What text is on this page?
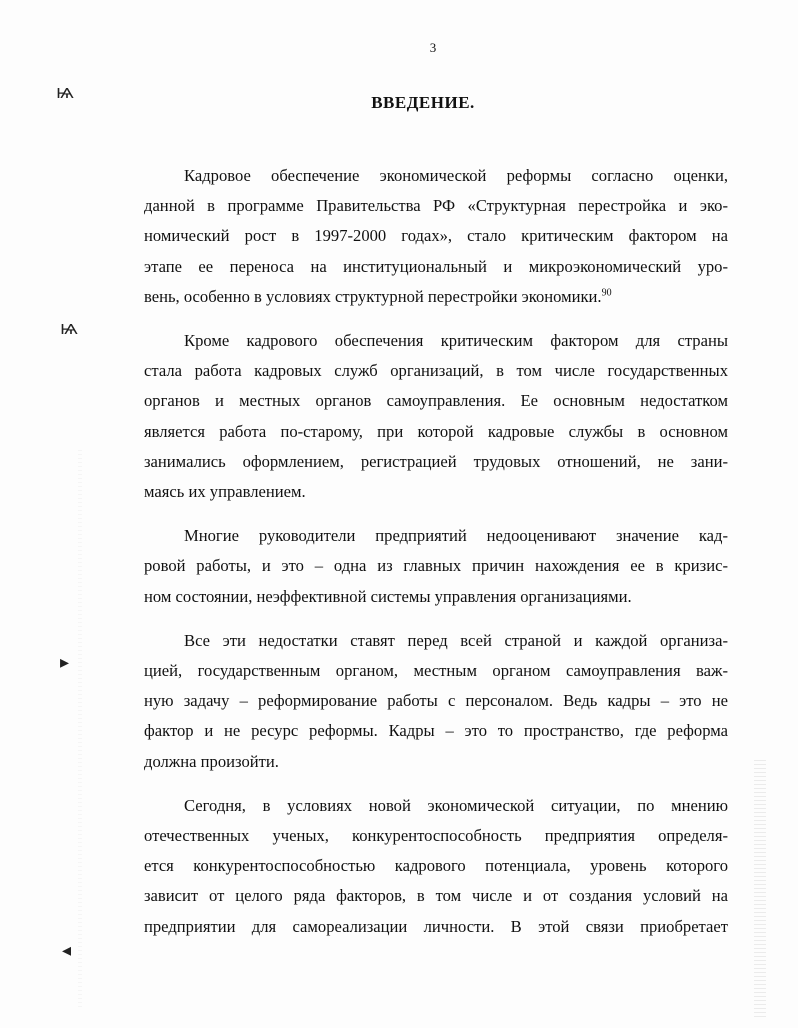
3
ВВЕДЕНИЕ.
Кадровое обеспечение экономической реформы согласно оценки,
данной в программе Правительства РФ «Структурная перестройка и эко-
номический рост в 1997-2000 годах», стало критическим фактором на
этапе ее переноса на институциональный и микроэкономический уро-
вень, особенно в условиях структурной перестройки экономики.$^{90}$
Кроме кадрового обеспечения критическим фактором для страны
стала работа кадровых служб организаций, в том числе государственных
органов и местных органов самоуправления. Ее основным недостатком
является работа по-старому, при которой кадровые службы в основном
занимались оформлением, регистрацией трудовых отношений, не зани-
маясь их управлением.
Многие руководители предприятий недооценивают значение кад-
ровой работы, и это – одна из главных причин нахождения ее в кризис-
ном состоянии, неэффективной системы управления организациями.
Все эти недостатки ставят перед всей страной и каждой организа-
цией, государственным органом, местным органом самоуправления важ-
ную задачу – реформирование работы с персоналом. Ведь кадры – это не
фактор и не ресурс реформы. Кадры – это то пространство, где реформа
должна произойти.
Сегодня, в условиях новой экономической ситуации, по мнению
отечественных ученых, конкурентоспособность предприятия определя-
ется конкурентоспособностью кадрового потенциала, уровень которого
зависит от целого ряда факторов, в том числе и от создания условий на
предприятии для самореализации личности. В этой связи приобретает
ѩ
ѩ
▸
◂
